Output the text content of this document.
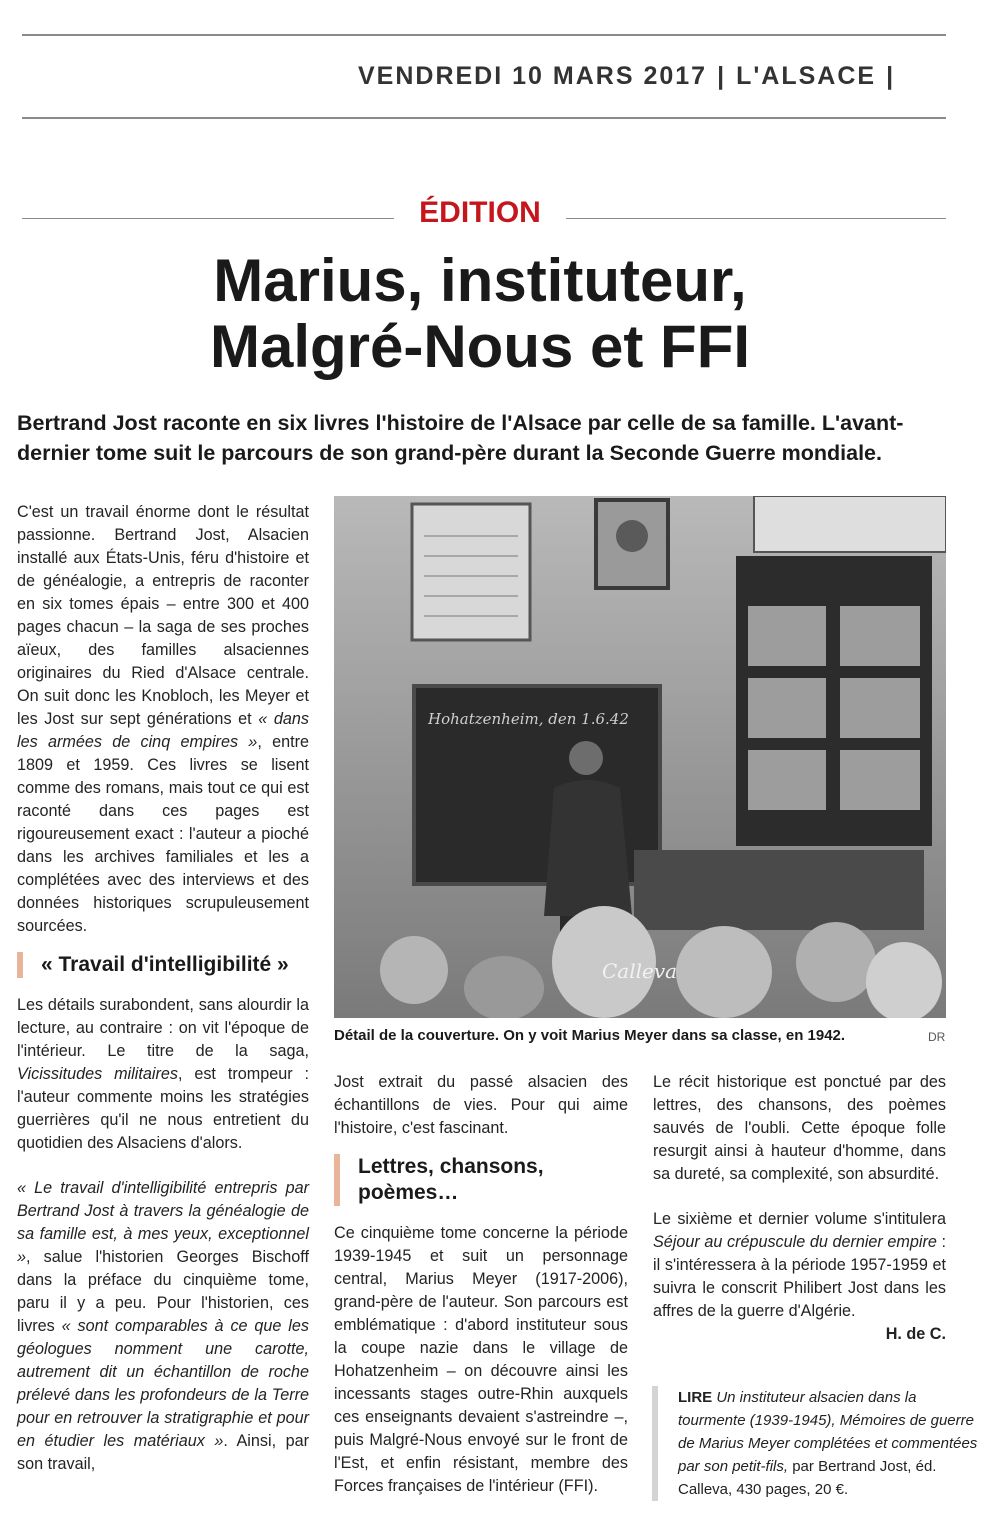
VENDREDI 10 MARS 2017 | L'ALSACE |
ÉDITION
Marius, instituteur,
Malgré-Nous et FFI
Bertrand Jost raconte en six livres l'histoire de l'Alsace par celle de sa famille. L'avant-dernier tome suit le parcours de son grand-père durant la Seconde Guerre mondiale.

C'est un travail énorme dont le résultat passionne. Bertrand Jost, Alsacien installé aux États-Unis, féru d'histoire et de généalogie, a entrepris de raconter en six tomes épais – entre 300 et 400 pages chacun – la saga de ses proches aïeux, des familles alsaciennes originaires du Ried d'Alsace centrale. On suit donc les Knobloch, les Meyer et les Jost sur sept générations et « dans les armées de cinq empires », entre 1809 et 1959. Ces livres se lisent comme des romans, mais tout ce qui est raconté dans ces pages est rigoureusement exact : l'auteur a pioché dans les archives familiales et les a complétées avec des interviews et des données historiques scrupuleusement sourcées.

« Travail d'intelligibilité »

Les détails surabondent, sans alourdir la lecture, au contraire : on vit l'époque de l'intérieur. Le titre de la saga, Vicissitudes militaires, est trompeur : l'auteur commente moins les stratégies guerrières qu'il ne nous entretient du quotidien des Alsaciens d'alors.

« Le travail d'intelligibilité entrepris par Bertrand Jost à travers la généalogie de sa famille est, à mes yeux, exceptionnel », salue l'historien Georges Bischoff dans la préface du cinquième tome, paru il y a peu. Pour l'historien, ces livres « sont comparables à ce que les géologues nomment une carotte, autrement dit un échantillon de roche prélevé dans les profondeurs de la Terre pour en retrouver la stratigraphie et pour en étudier les matériaux ». Ainsi, par son travail,

Hohatzenheim, den 1.6.42
Calleva
Détail de la couverture. On y voit Marius Meyer dans sa classe, en 1942.	DR

Jost extrait du passé alsacien des échantillons de vies. Pour qui aime l'histoire, c'est fascinant.

Lettres, chansons, poèmes…

Ce cinquième tome concerne la période 1939-1945 et suit un personnage central, Marius Meyer (1917-2006), grand-père de l'auteur. Son parcours est emblématique : d'abord instituteur sous la coupe nazie dans le village de Hohatzenheim – on découvre ainsi les incessants stages outre-Rhin auxquels ces enseignants devaient s'astreindre –, puis Malgré-Nous envoyé sur le front de l'Est, et enfin résistant, membre des Forces françaises de l'intérieur (FFI).

Le récit historique est ponctué par des lettres, des chansons, des poèmes sauvés de l'oubli. Cette époque folle resurgit ainsi à hauteur d'homme, dans sa dureté, sa complexité, son absurdité.

Le sixième et dernier volume s'intitulera Séjour au crépuscule du dernier empire : il s'intéressera à la période 1957-1959 et suivra le conscrit Philibert Jost dans les affres de la guerre d'Algérie.

H. de C.

LIRE Un instituteur alsacien dans la tourmente (1939-1945), Mémoires de guerre de Marius Meyer complétées et commentées par son petit-fils, par Bertrand Jost, éd. Calleva, 430 pages, 20 €.
